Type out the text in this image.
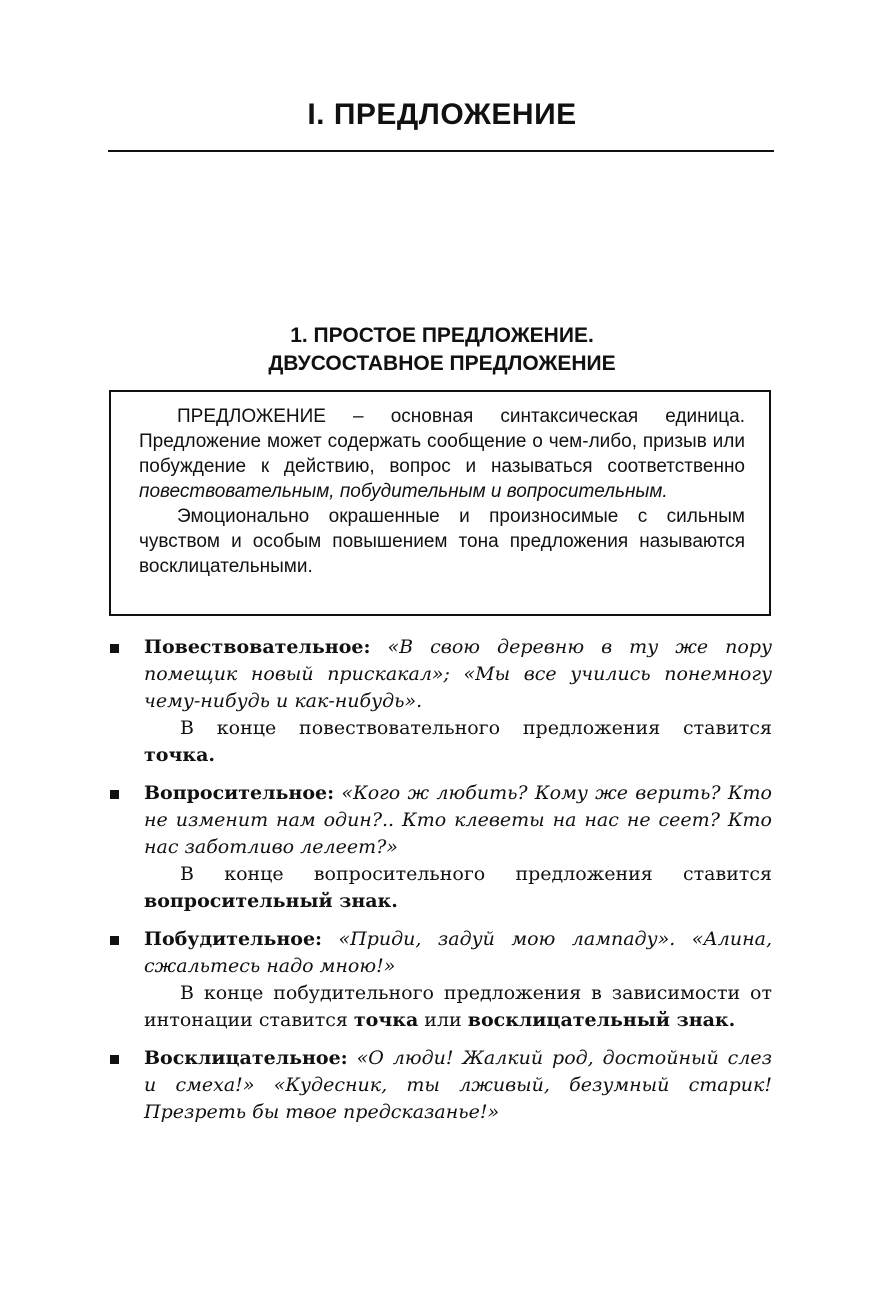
I. ПРЕДЛОЖЕНИЕ
1. ПРОСТОЕ ПРЕДЛОЖЕНИЕ.
ДВУСОСТАВНОЕ ПРЕДЛОЖЕНИЕ

ПРЕДЛОЖЕНИЕ – основная синтаксическая единица. Предложение может содержать сообщение о чем-либо, призыв или побуждение к действию, вопрос и называться соответственно повествовательным, побудительным и вопросительным.

Эмоционально окрашенные и произносимые с сильным чувством и особым повышением тона предложения называются восклицательными.

Повествовательное: «В свою деревню в ту же пору помещик новый прискакал»; «Мы все учились понемногу чему-нибудь и как-нибудь».

В конце повествовательного предложения ставится точка.

Вопросительное: «Кого ж любить? Кому же верить? Кто не изменит нам один?.. Кто клеветы на нас не сеет? Кто нас заботливо лелеет?»

В конце вопросительного предложения ставится вопросительный знак.

Побудительное: «Приди, задуй мою лампаду». «Алина, сжальтесь надо мною!»

В конце побудительного предложения в зависимости от интонации ставится точка или восклицательный знак.

Восклицательное: «О люди! Жалкий род, достойный слез и смеха!» «Кудесник, ты лживый, безумный старик! Презреть бы твое предсказанье!»
